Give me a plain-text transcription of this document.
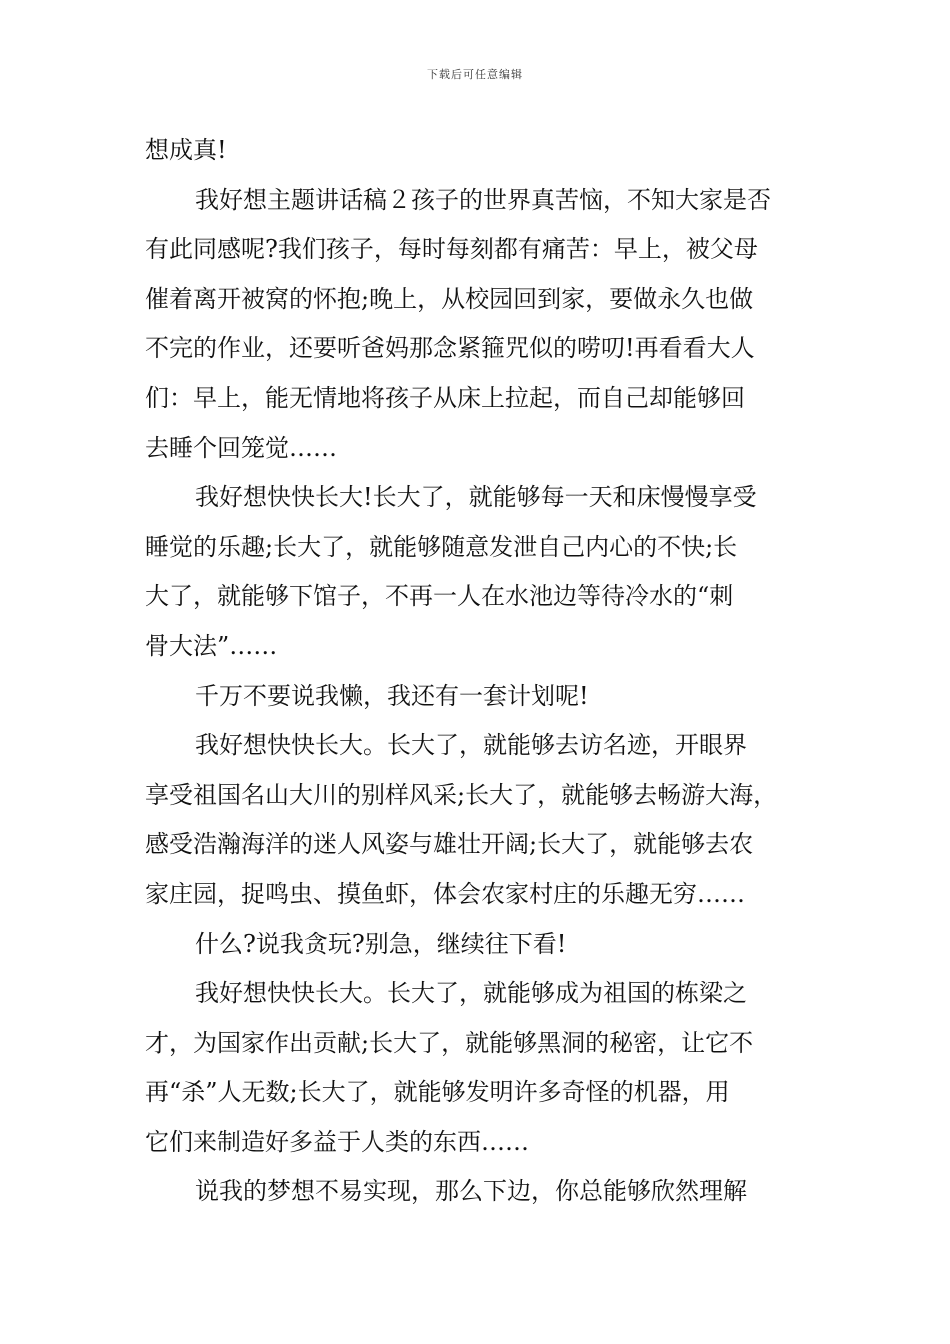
下载后可任意编辑
想成真!
我好想主题讲话稿２孩子的世界真苦恼，不知大家是否
有此同感呢?我们孩子，每时每刻都有痛苦：早上，被父母
催着离开被窝的怀抱;晚上，从校园回到家，要做永久也做
不完的作业，还要听爸妈那念紧箍咒似的唠叨!再看看大人
们：早上，能无情地将孩子从床上拉起，而自己却能够回
去睡个回笼觉……
我好想快快长大!长大了，就能够每一天和床慢慢享受
睡觉的乐趣;长大了，就能够随意发泄自己内心的不快;长
大了，就能够下馆子，不再一人在水池边等待冷水的“刺
骨大法”……
千万不要说我懒，我还有一套计划呢!
我好想快快长大。长大了，就能够去访名迹，开眼界
享受祖国名山大川的别样风采;长大了，就能够去畅游大海，
感受浩瀚海洋的迷人风姿与雄壮开阔;长大了，就能够去农
家庄园，捉鸣虫、摸鱼虾，体会农家村庄的乐趣无穷……
什么?说我贪玩?别急，继续往下看!
我好想快快长大。长大了，就能够成为祖国的栋梁之
才，为国家作出贡献;长大了，就能够黑洞的秘密，让它不
再“杀”人无数;长大了，就能够发明许多奇怪的机器，用
它们来制造好多益于人类的东西……
说我的梦想不易实现，那么下边，你总能够欣然理解
